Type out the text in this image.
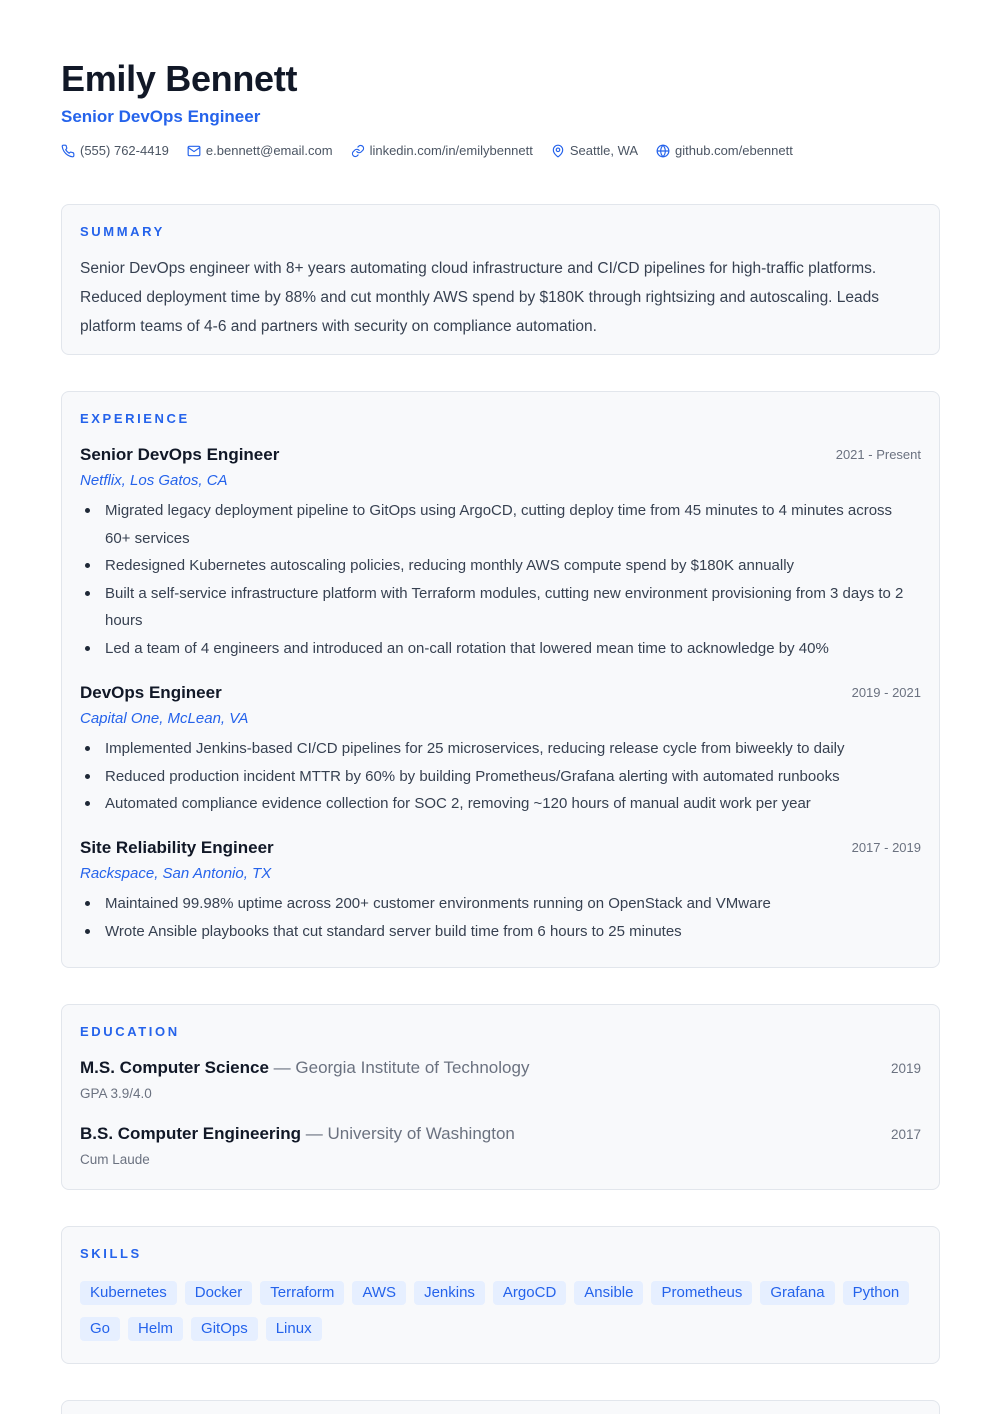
Emily Bennett
Senior DevOps Engineer
(555) 762-4419	e.bennett@email.com	linkedin.com/in/emilybennett	Seattle, WA	github.com/ebennett
SUMMARY

Senior DevOps engineer with 8+ years automating cloud infrastructure and CI/CD pipelines for high-traffic platforms. Reduced deployment time by 88% and cut monthly AWS spend by $180K through rightsizing and autoscaling. Leads platform teams of 4-6 and partners with security on compliance automation.

EXPERIENCE
Senior DevOps Engineer	2021 - Present
Netflix, Los Gatos, CA
Migrated legacy deployment pipeline to GitOps using ArgoCD, cutting deploy time from 45 minutes to 4 minutes across 60+ services
Redesigned Kubernetes autoscaling policies, reducing monthly AWS compute spend by $180K annually
Built a self-service infrastructure platform with Terraform modules, cutting new environment provisioning from 3 days to 2 hours
Led a team of 4 engineers and introduced an on-call rotation that lowered mean time to acknowledge by 40%
DevOps Engineer	2019 - 2021
Capital One, McLean, VA
Implemented Jenkins-based CI/CD pipelines for 25 microservices, reducing release cycle from biweekly to daily
Reduced production incident MTTR by 60% by building Prometheus/Grafana alerting with automated runbooks
Automated compliance evidence collection for SOC 2, removing ~120 hours of manual audit work per year
Site Reliability Engineer	2017 - 2019
Rackspace, San Antonio, TX
Maintained 99.98% uptime across 200+ customer environments running on OpenStack and VMware
Wrote Ansible playbooks that cut standard server build time from 6 hours to 25 minutes
EDUCATION
M.S. Computer Science — Georgia Institute of Technology	2019
GPA 3.9/4.0
B.S. Computer Engineering — University of Washington	2017
Cum Laude
SKILLS
Kubernetes	Docker	Terraform	AWS	Jenkins	ArgoCD	Ansible	Prometheus	Grafana	Python
Go	Helm	GitOps	Linux
